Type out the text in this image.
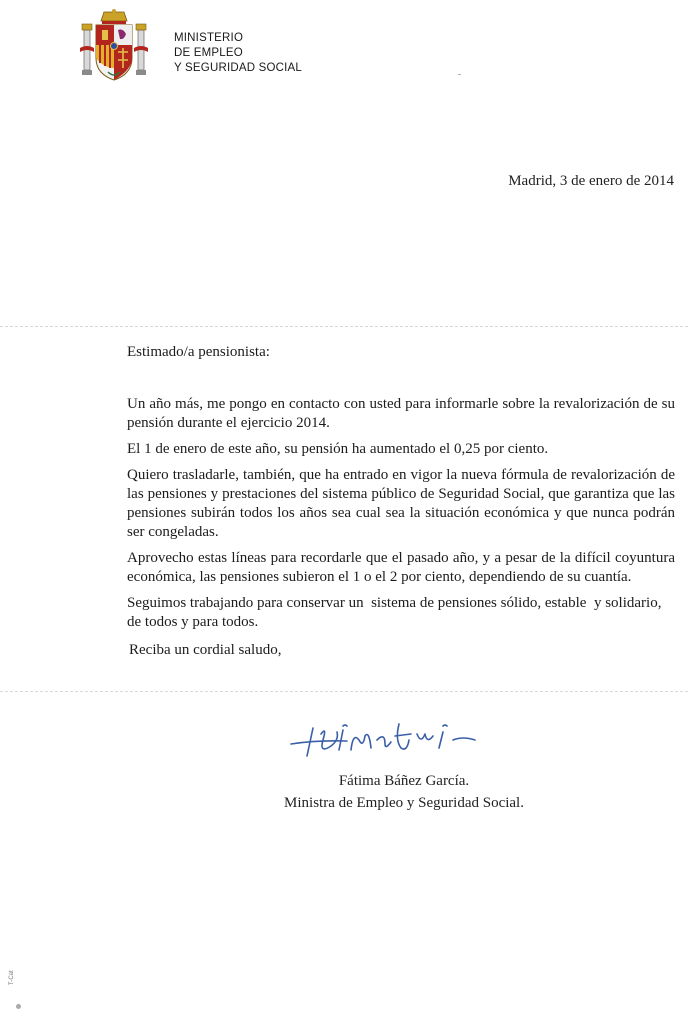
MINISTERIO
DE EMPLEO
Y SEGURIDAD SOCIAL
Madrid, 3 de enero de 2014

Estimado/a pensionista:

Un año más, me pongo en contacto con usted para informarle sobre la revalorización de su pensión durante el ejercicio 2014.

El 1 de enero de este año, su pensión ha aumentado el 0,25 por ciento.

Quiero trasladarle, también, que ha entrado en vigor la nueva fórmula de revalorización de las pensiones y prestaciones del sistema público de Seguridad Social, que garantiza que las pensiones subirán todos los años sea cual sea la situación económica y que nunca podrán ser congeladas.

Aprovecho estas líneas para recordarle que el pasado año, y a pesar de la difícil coyuntura económica, las pensiones subieron el 1 o el 2 por ciento, dependiendo de su cuantía.

Seguimos trabajando para conservar un  sistema de pensiones sólido, estable  y solidario, de todos y para todos.

Reciba un cordial saludo,

Fátima Báñez García.
Ministra de Empleo y Seguridad Social.
T-Cat
